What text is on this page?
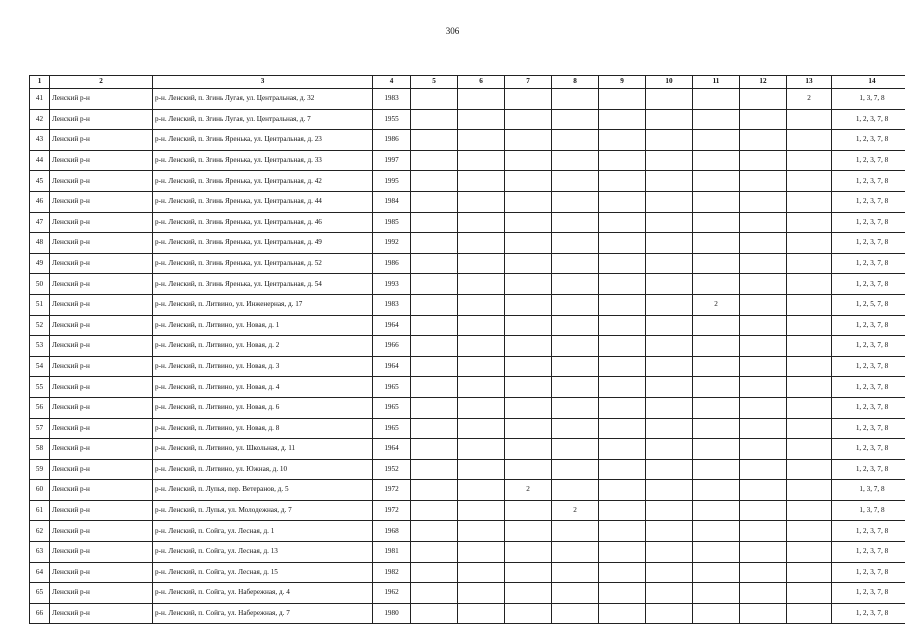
306
1	2	3	4	5	6	7	8	9	10	11	12	13	14
41	Ленский р-н	р-н. Ленский, п. Згинь Лугая, ул. Центральная, д. 32	1983									2	1, 3, 7, 8
42	Ленский р-н	р-н. Ленский, п. Згинь Лугая, ул. Центральная, д. 7	1955										1, 2, 3, 7, 8
43	Ленский р-н	р-н. Ленский, п. Згинь Яренька, ул. Центральная, д. 23	1986										1, 2, 3, 7, 8
44	Ленский р-н	р-н. Ленский, п. Згинь Яренька, ул. Центральная, д. 33	1997										1, 2, 3, 7, 8
45	Ленский р-н	р-н. Ленский, п. Згинь Яренька, ул. Центральная, д. 42	1995										1, 2, 3, 7, 8
46	Ленский р-н	р-н. Ленский, п. Згинь Яренька, ул. Центральная, д. 44	1984										1, 2, 3, 7, 8
47	Ленский р-н	р-н. Ленский, п. Згинь Яренька, ул. Центральная, д. 46	1985										1, 2, 3, 7, 8
48	Ленский р-н	р-н. Ленский, п. Згинь Яренька, ул. Центральная, д. 49	1992										1, 2, 3, 7, 8
49	Ленский р-н	р-н. Ленский, п. Згинь Яренька, ул. Центральная, д. 52	1986										1, 2, 3, 7, 8
50	Ленский р-н	р-н. Ленский, п. Згинь Яренька, ул. Центральная, д. 54	1993										1, 2, 3, 7, 8
51	Ленский р-н	р-н. Ленский, п. Литвино, ул. Инженерная, д. 17	1983							2			1, 2, 5, 7, 8
52	Ленский р-н	р-н. Ленский, п. Литвино, ул. Новая, д. 1	1964										1, 2, 3, 7, 8
53	Ленский р-н	р-н. Ленский, п. Литвино, ул. Новая, д. 2	1966										1, 2, 3, 7, 8
54	Ленский р-н	р-н. Ленский, п. Литвино, ул. Новая, д. 3	1964										1, 2, 3, 7, 8
55	Ленский р-н	р-н. Ленский, п. Литвино, ул. Новая, д. 4	1965										1, 2, 3, 7, 8
56	Ленский р-н	р-н. Ленский, п. Литвино, ул. Новая, д. 6	1965										1, 2, 3, 7, 8
57	Ленский р-н	р-н. Ленский, п. Литвино, ул. Новая, д. 8	1965										1, 2, 3, 7, 8
58	Ленский р-н	р-н. Ленский, п. Литвино, ул. Школьная, д. 11	1964										1, 2, 3, 7, 8
59	Ленский р-н	р-н. Ленский, п. Литвино, ул. Южная, д. 10	1952										1, 2, 3, 7, 8
60	Ленский р-н	р-н. Ленский, п. Лупья, пер. Ветеранов, д. 5	1972			2							1, 3, 7, 8
61	Ленский р-н	р-н. Ленский, п. Лупья, ул. Молодежная, д. 7	1972				2						1, 3, 7, 8
62	Ленский р-н	р-н. Ленский, п. Сойга, ул. Лесная, д. 1	1968										1, 2, 3, 7, 8
63	Ленский р-н	р-н. Ленский, п. Сойга, ул. Лесная, д. 13	1981										1, 2, 3, 7, 8
64	Ленский р-н	р-н. Ленский, п. Сойга, ул. Лесная, д. 15	1982										1, 2, 3, 7, 8
65	Ленский р-н	р-н. Ленский, п. Сойга, ул. Набережная, д. 4	1962										1, 2, 3, 7, 8
66	Ленский р-н	р-н. Ленский, п. Сойга, ул. Набережная, д. 7	1980										1, 2, 3, 7, 8
